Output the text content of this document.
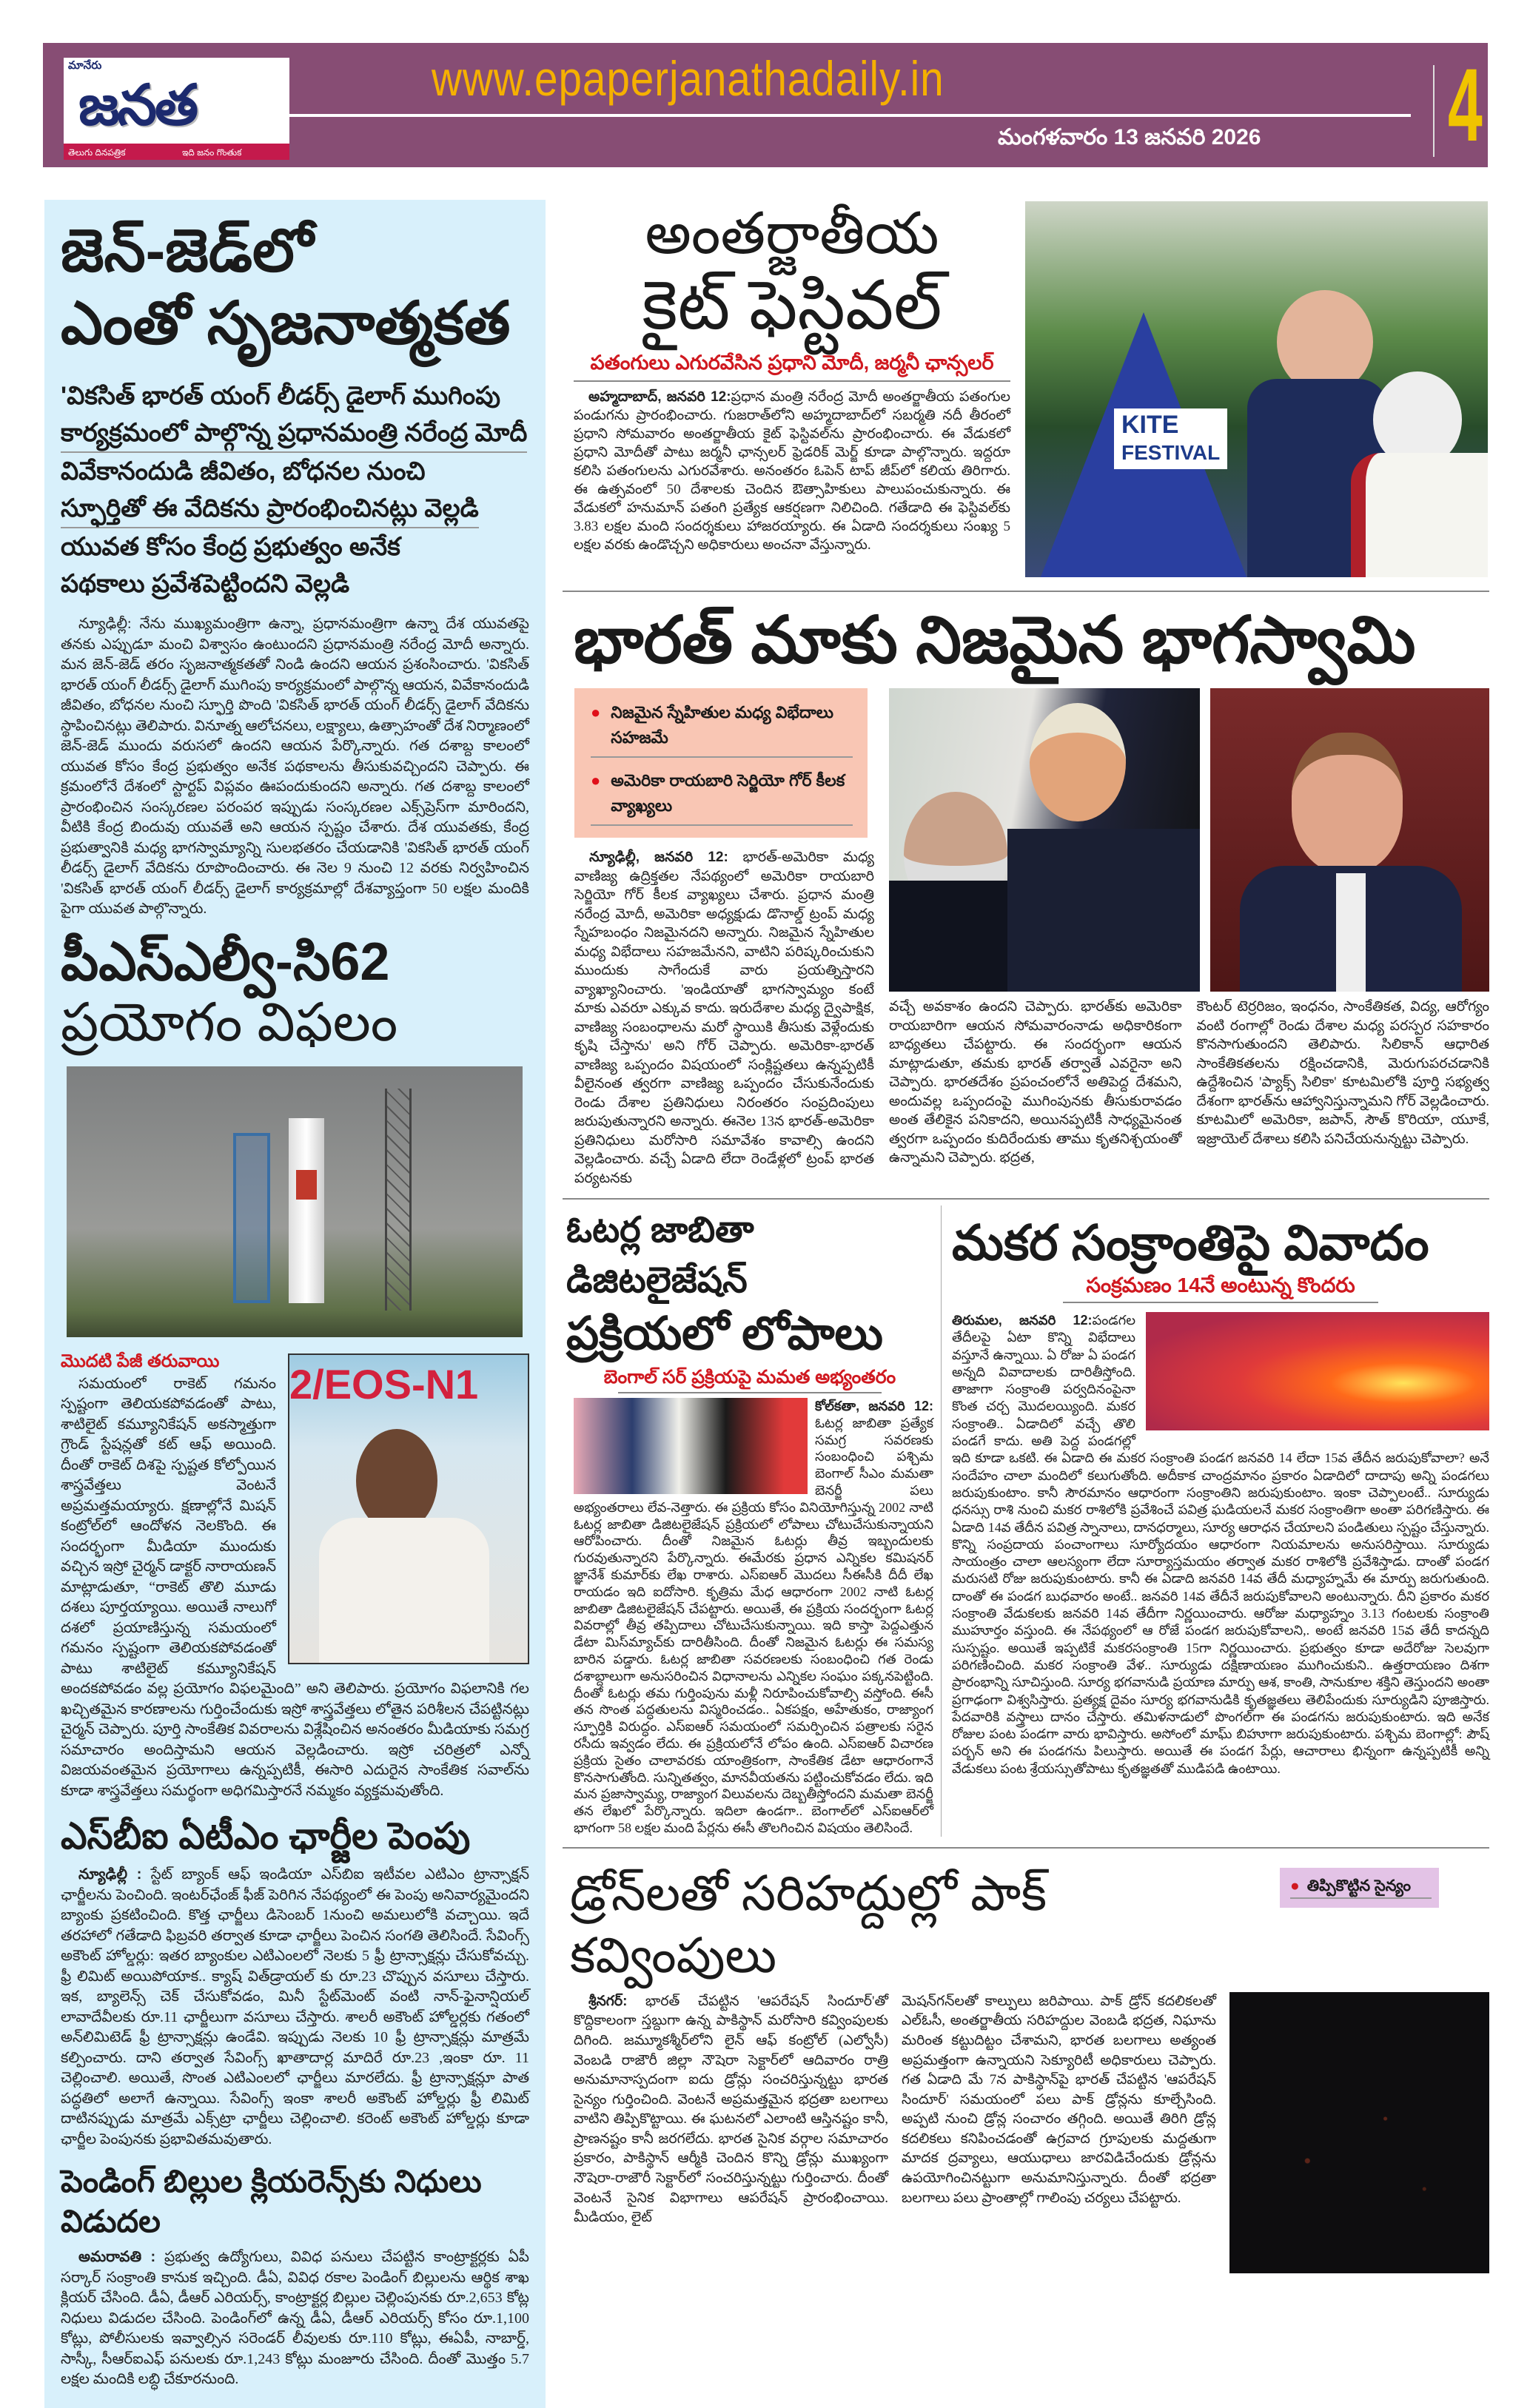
మానేరు
జనత
తెలుగు దినపత్రిక	ఇది జనం గొంతుక
www.epaperjanathadaily.in
మంగళవారం 13 జనవరి 2026 4
జెన్-జెడ్‌లో
ఎంతో సృజనాత్మకత
'వికసిత్ భారత్ యంగ్ లీడర్స్ డైలాగ్ ముగింపు
కార్యక్రమంలో పాల్గొన్న ప్రధానమంత్రి నరేంద్ర మోదీ
వివేకానందుడి జీవితం, బోధనల నుంచి
స్ఫూర్తితో ఈ వేదికను ప్రారంభించినట్లు వెల్లడి
యువత కోసం కేంద్ర ప్రభుత్వం అనేక
పథకాలు ప్రవేశపెట్టిందని వెల్లడి

న్యూఢిల్లీ: నేను ముఖ్యమంత్రిగా ఉన్నా, ప్రధానమంత్రిగా ఉన్నా దేశ యువతపై తనకు ఎప్పుడూ మంచి విశ్వాసం ఉంటుందని ప్రధానమంత్రి నరేంద్ర మోదీ అన్నారు. మన జెన్-జెడ్ తరం సృజనాత్మకతతో నిండి ఉందని ఆయన ప్రశంసించారు. 'వికసిత్ భారత్ యంగ్ లీడర్స్ డైలాగ్ ముగింపు కార్యక్రమంలో పాల్గొన్న ఆయన, వివేకానందుడి జీవితం, బోధనల నుంచి స్ఫూర్తి పొంది 'వికసిత్ భారత్ యంగ్ లీడర్స్ డైలాగ్ వేదికను స్థాపించినట్లు తెలిపారు. వినూత్న ఆలోచనలు, లక్ష్యాలు, ఉత్సాహంతో దేశ నిర్మాణంలో జెన్-జెడ్ ముందు వరుసలో ఉందని ఆయన పేర్కొన్నారు. గత దశాబ్ద కాలంలో యువత కోసం కేంద్ర ప్రభుత్వం అనేక పథకాలను తీసుకువచ్చిందని చెప్పారు. ఈ క్రమంలోనే దేశంలో స్టార్టప్ విప్లవం ఊపందుకుందని అన్నారు. గత దశాబ్ద కాలంలో ప్రారంభించిన సంస్కరణల పరంపర ఇప్పుడు సంస్కరణల ఎక్స్‌ప్రెస్‌గా మారిందని, వీటికి కేంద్ర బిందువు యువతే అని ఆయన స్పష్టం చేశారు. దేశ యువతకు, కేంద్ర ప్రభుత్వానికి మధ్య భాగస్వామ్యాన్ని సులభతరం చేయడానికి 'వికసిత్ భారత్ యంగ్ లీడర్స్ డైలాగ్ వేదికను రూపొందించారు. ఈ నెల 9 నుంచి 12 వరకు నిర్వహించిన 'వికసిత్ భారత్ యంగ్ లీడర్స్ డైలాగ్ కార్యక్రమాల్లో దేశవ్యాప్తంగా 50 లక్షల మందికి పైగా యువత పాల్గొన్నారు.

పీఎస్ఎల్వీ-సి62
ప్రయోగం విఫలం
2/EOS-N1
మొదటి పేజీ తరువాయి

సమయంలో రాకెట్ గమనం స్పష్టంగా తెలియకపోవడంతో పాటు, శాటిలైట్ కమ్యూనికేషన్ అకస్మాత్తుగా గ్రౌండ్ స్టేషన్లతో కట్ ఆఫ్ అయింది. దీంతో రాకెట్ దిశపై స్పష్టత కోల్పోయిన శాస్త్రవేత్తలు వెంటనే అప్రమత్తమయ్యారు. క్షణాల్లోనే మిషన్ కంట్రోల్‌లో ఆందోళన నెలకొంది. ఈ సందర్భంగా మీడియా ముందుకు వచ్చిన ఇస్రో చైర్మన్ డాక్టర్ నారాయణన్ మాట్లాడుతూ, “రాకెట్ తొలి మూడు దశలు పూర్తయ్యాయి. అయితే నాలుగో దశలో ప్రయాణిస్తున్న సమయంలో గమనం స్పష్టంగా తెలియకపోవడంతో పాటు శాటిలైట్ కమ్యూనికేషన్ అందకపోవడం వల్ల ప్రయోగం విఫలమైంది” అని తెలిపారు. ప్రయోగం విఫలానికి గల ఖచ్చితమైన కారణాలను గుర్తించేందుకు ఇస్రో శాస్త్రవేత్తలు లోతైన పరిశీలన చేపట్టినట్లు చైర్మన్ చెప్పారు. పూర్తి సాంకేతిక వివరాలను విశ్లేషించిన అనంతరం మీడియాకు సమగ్ర సమాచారం అందిస్తామని ఆయన వెల్లడించారు. ఇస్రో చరిత్రలో ఎన్నో విజయవంతమైన ప్రయోగాలు ఉన్నప్పటికీ, ఈసారి ఎదురైన సాంకేతిక సవాల్‌ను కూడా శాస్త్రవేత్తలు సమర్థంగా అధిగమిస్తారనే నమ్మకం వ్యక్తమవుతోంది.

ఎస్‌బీఐ ఏటీఎం ఛార్జీల పెంపు

న్యూఢిల్లీ : స్టేట్ బ్యాంక్ ఆఫ్ ఇండియా ఎస్‌బిఐ ఇటీవల ఎటిఎం ట్రాన్సాక్షన్ ఛార్జీలను పెంచింది. ఇంటర్‌ఛేంజ్ ఫీజ్ పెరిగిన నేపథ్యంలో ఈ పెంపు అనివార్యమైందని బ్యాంకు ప్రకటించింది. కొత్త ఛార్జీలు డిసెంబర్ 1నుంచి అమలులోకి వచ్చాయి. ఇదే తరహాలో గతేడాది ఫిబ్రవరి తర్వాత కూడా ఛార్జీలు పెంచిన సంగతి తెలిసిందే. సేవింగ్స్ అకౌంట్ హోల్డర్లు: ఇతర బ్యాంకుల ఎటిఎంలలో నెలకు 5 ఫ్రీ ట్రాన్సాక్షన్లు చేసుకోవచ్చు. ఫ్రీ లిమిట్ అయిపోయాక.. క్యాష్ విత్‌డ్రాయల్ కు రూ.23 చొప్పున వసూలు చేస్తారు. ఇక, బ్యాలెన్స్ చెక్ చేసుకోవడం, మినీ స్టేట్‌మెంట్ వంటి నాన్-ఫైనాన్షియల్ లావాదేవీలకు రూ.11 ఛార్జీలుగా వసూలు చేస్తారు. శాలరీ అకౌంట్ హోల్డర్లకు గతంలో అన్‌లిమిటెడ్ ఫ్రీ ట్రాన్సాక్షన్లు ఉండేవి. ఇప్పుడు నెలకు 10 ఫ్రీ ట్రాన్సాక్షన్లు మాత్రమే కల్పించారు. దాని తర్వాత సేవింగ్స్ ఖాతాదార్ల మాదిరే రూ.23 ,ఇంకా రూ. 11 చెల్లించాలి. అయితే, సొంత ఎటిఎంలలో ఛార్జీలు మారలేదు. ఫ్రీ ట్రాన్సాక్షన్లూ పాత పద్ధతిలో అలాగే ఉన్నాయి. సేవింగ్స్ ఇంకా శాలరీ అకౌంట్ హోల్డర్లు ఫ్రీ లిమిట్ దాటినప్పుడు మాత్రమే ఎక్స్‌ట్రా ఛార్జీలు చెల్లించాలి. కరెంట్ అకౌంట్ హోల్డర్లు కూడా ఛార్జీల పెంపునకు ప్రభావితమవుతారు.

పెండింగ్ బిల్లుల క్లియరెన్స్‌కు నిధులు విడుదల

అమరావతి : ప్రభుత్వ ఉద్యోగులు, వివిధ పనులు చేపట్టిన కాంట్రాక్టర్లకు ఏపీ సర్కార్ సంక్రాంతి కానుక ఇచ్చింది. డీఏ, వివిధ రకాల పెండింగ్ బిల్లులను ఆర్థిక శాఖ క్లియర్ చేసింది. డీఏ, డీఆర్ ఎరియర్స్, కాంట్రాక్టర్ల బిల్లుల చెల్లింపునకు రూ.2,653 కోట్ల నిధులు విడుదల చేసింది. పెండింగ్‌లో ఉన్న డీఏ, డీఆర్ ఎరియర్స్ కోసం రూ.1,100 కోట్లు, పోలీసులకు ఇవ్వాల్సిన సరెండర్ లీవులకు రూ.110 కోట్లు, ఈఏపీ, నాబార్డ్, సాస్కీ, సీఆర్ఐఎఫ్ పనులకు రూ.1,243 కోట్లు మంజూరు చేసింది. దీంతో మొత్తం 5.7 లక్షల మందికి లబ్ధి చేకూరనుంది.

అంతర్జాతీయ
కైట్ ఫెస్టివల్
పతంగులు ఎగురవేసిన ప్రధాని మోదీ, జర్మనీ ఛాన్సలర్

అహ్మదాబాద్, జనవరి 12:ప్రధాన మంత్రి నరేంద్ర మోదీ అంతర్జాతీయ పతంగుల పండుగను ప్రారంభించారు. గుజరాత్‌లోని అహ్మదాబాద్‌లో సబర్మతి నదీ తీరంలో ప్రధాని సోమవారం అంతర్జాతీయ కైట్ ఫెస్టివల్‌ను ప్రారంభించారు. ఈ వేడుకలో ప్రధాని మోదీతో పాటు జర్మనీ ఛాన్సలర్ ఫ్రెడరిక్ మెర్జ్ కూడా పాల్గొన్నారు. ఇద్దరూ కలిసి పతంగులను ఎగురవేశారు. అనంతరం ఓపెన్ టాప్ జీప్‌లో కలియ తిరిగారు. ఈ ఉత్సవంలో 50 దేశాలకు చెందిన ఔత్సాహికులు పాలుపంచుకున్నారు. ఈ వేడుకలో హనుమాన్ పతంగి ప్రత్యేక ఆకర్షణగా నిలిచింది. గతేడాది ఈ ఫెస్టివల్‌కు 3.83 లక్షల మంది సందర్శకులు హాజరయ్యారు. ఈ ఏడాది సందర్శకులు సంఖ్య 5 లక్షల వరకు ఉండొచ్చని అధికారులు అంచనా వేస్తున్నారు.

KITE
FESTIVAL
భారత్ మాకు నిజమైన భాగస్వామి
● నిజమైన స్నేహితుల మధ్య విభేదాలు సహజమే
● అమెరికా రాయబారి సెర్జియో గోర్ కీలక వ్యాఖ్యలు

న్యూఢిల్లీ, జనవరి 12: భారత్-అమెరికా మధ్య వాణిజ్య ఉద్రిక్తతల నేపథ్యంలో అమెరికా రాయబారి సెర్జియో గోర్ కీలక వ్యాఖ్యలు చేశారు. ప్రధాన మంత్రి నరేంద్ర మోదీ, అమెరికా అధ్యక్షుడు డొనాల్డ్ ట్రంప్ మధ్య స్నేహబంధం నిజమైనదని అన్నారు. నిజమైన స్నేహితుల మధ్య విభేదాలు సహజమేనని, వాటిని పరిష్కరించుకుని ముందుకు సాగేందుకే వారు ప్రయత్నిస్తారని వ్యాఖ్యానించారు. 'ఇండియాతో భాగస్వామ్యం కంటే మాకు ఎవరూ ఎక్కువ కాదు. ఇరుదేశాల మధ్య ద్వైపాక్షిక, వాణిజ్య సంబంధాలను మరో స్థాయికి తీసుకు వెళ్లేందుకు కృషి చేస్తాను' అని గోర్ చెప్పారు. అమెరికా-భారత్ వాణిజ్య ఒప్పందం విషయంలో సంక్లిష్టతలు ఉన్నప్పటికీ వీలైనంత త్వరగా వాణిజ్య ఒప్పందం చేసుకునేందుకు రెండు దేశాల ప్రతినిధులు నిరంతరం సంప్రదింపులు జరుపుతున్నారని అన్నారు. ఈనెల 13న భారత్-అమెరికా ప్రతినిధులు మరోసారి సమావేశం కావాల్సి ఉందని వెల్లడించారు. వచ్చే ఏడాది లేదా రెండేళ్లలో ట్రంప్ భారత పర్యటనకు

వచ్చే అవకాశం ఉందని చెప్పారు. భారత్‌కు అమెరికా రాయబారిగా ఆయన సోమవారంనాడు అధికారికంగా బాధ్యతలు చేపట్టారు. ఈ సందర్భంగా ఆయన మాట్లాడుతూ, తమకు భారత్ తర్వాతే ఎవరైనా అని చెప్పారు. భారతదేశం ప్రపంచంలోనే అతిపెద్ద దేశమని, అందువల్ల ఒప్పందంపై ముగింపునకు తీసుకురావడం అంత తేలికైన పనికాదని, అయినప్పటికీ సాధ్యమైనంత త్వరగా ఒప్పందం కుదిరేందుకు తాము కృతనిశ్చయంతో ఉన్నామని చెప్పారు. భద్రత,

కౌంటర్ టెర్రరిజం, ఇంధనం, సాంకేతికత, విద్య, ఆరోగ్యం వంటి రంగాల్లో రెండు దేశాల మధ్య పరస్పర సహకారం కొనసాగుతుందని తెలిపారు. సిలికాన్ ఆధారిత సాంకేతికతలను రక్షించడానికి, మెరుగుపరచడానికి ఉద్దేశించిన 'ప్యాక్స్ సిలికా' కూటమిలోకి పూర్తి సభ్యత్వ దేశంగా భారత్‌ను ఆహ్వానిస్తున్నామని గోర్ వెల్లడించారు. కూటమిలో అమెరికా, జపాన్, సౌత్ కొరియా, యూకే, ఇజ్రాయెల్ దేశాలు కలిసి పనిచేయనున్నట్టు చెప్పారు.

ఓటర్ల జాబితా డిజిటలైజేషన్
ప్రక్రియలో లోపాలు
బెంగాల్ సర్ ప్రక్రియపై మమత అభ్యంతరం

కోల్‌కతా, జనవరి 12: ఓటర్ల జాబితా ప్రత్యేక సమగ్ర సవరణకు సంబంధించి పశ్చిమ బెంగాల్ సీఎం మమతా బెనర్జీ పలు అభ్యంతరాలు లేవ-నెత్తారు. ఈ ప్రక్రియ కోసం వినియోగిస్తున్న 2002 నాటి ఓటర్ల జాబితా డిజిటలైజేషన్ ప్రక్రియలో లోపాలు చోటుచేసుకున్నాయని ఆరోపించారు. దీంతో నిజమైన ఓటర్లు తీవ్ర ఇబ్బందులకు గురవుతున్నారని పేర్కొన్నారు. ఈమేరకు ప్రధాన ఎన్నికల కమిషనర్ జ్ఞానేశ్ కుమార్‌కు లేఖ రాశారు. ఎస్ఐఆర్ మొదలు సీఈసీకి దీదీ లేఖ రాయడం ఇది ఐదోసారి. కృత్రిమ మేధ ఆధారంగా 2002 నాటి ఓటర్ల జాబితా డిజిటలైజేషన్ చేపట్టారు. అయితే, ఈ ప్రక్రియ సందర్భంగా ఓటర్ల వివరాల్లో తీవ్ర తప్పిదాలు చోటుచేసుకున్నాయి. ఇది కాస్తా పెద్దఎత్తున డేటా మిస్‌మ్యాచ్‌కు దారితీసింది. దీంతో నిజమైన ఓటర్లు ఈ సమస్య బారిన పడ్డారు. ఓటర్ల జాబితా సవరణలకు సంబంధించి గత రెండు దశాబ్దాలుగా అనుసరించిన విధానాలను ఎన్నికల సంఘం పక్కనపెట్టింది. దీంతో ఓటర్లు తమ గుర్తింపును మళ్లీ నిరూపించుకోవాల్సి వస్తోంది. ఈసీ తన సొంత పద్ధతులను విస్మరించడం.. ఏకపక్షం, అహేతుకం, రాజ్యాంగ స్ఫూర్తికి విరుద్ధం. ఎస్ఐఆర్ సమయంలో సమర్పించిన పత్రాలకు సరైన రసీదు ఇవ్వడం లేదు. ఈ ప్రక్రియలోనే లోపం ఉంది. ఎస్ఐఆర్ విచారణ ప్రక్రియ సైతం చాలావరకు యాంత్రికంగా, సాంకేతిక డేటా ఆధారంగానే కొనసాగుతోంది. సున్నితత్వం, మానవీయతను పట్టించుకోవడం లేదు. ఇది మన ప్రజాస్వామ్య, రాజ్యాంగ విలువలను దెబ్బతీస్తోందని మమతా బెనర్జీ తన లేఖలో పేర్కొన్నారు. ఇదిలా ఉండగా.. బెంగాల్‌లో ఎస్ఐఆర్‌లో భాగంగా 58 లక్షల మంది పేర్లను ఈసీ తొలగించిన విషయం తెలిసిందే.

మకర సంక్రాంతిపై వివాదం
సంక్రమణం 14నే అంటున్న కొందరు

తిరుమల, జనవరి 12:పండగల తేదీలపై ఏటా కొన్ని విభేదాలు వస్తూనే ఉన్నాయి. ఏ రోజు ఏ పండగ అన్నది వివాదాలకు దారితీస్తోంది. తాజాగా సంక్రాంతి పర్వదినంపైనా కొంత చర్చ మొదలయ్యింది. మకర సంక్రాంతి.. ఏడాదిలో వచ్చే తొలి పండగే కాదు. అతి పెద్ద పండగల్లో ఇది కూడా ఒకటి. ఈ ఏడాది ఈ మకర సంక్రాంతి పండగ జనవరి 14 లేదా 15వ తేదీన జరుపుకోవాలా? అనే సందేహం చాలా మందిలో కలుగుతోంది. అదీకాక చాంద్రమానం ప్రకారం ఏడాదిలో దాదాపు అన్ని పండగలు జరుపుకుంటాం. కానీ సౌరమానం ఆధారంగా సంక్రాంతిని జరుపుకుంటాం. ఇంకా చెప్పాలంటే.. సూర్యుడు ధనస్సు రాశి నుంచి మకర రాశిలోకి ప్రవేశించే పవిత్ర ఘడియలనే మకర సంక్రాంతిగా అంతా పరిగణిస్తారు. ఈ ఏడాది 14వ తేదీన పవిత్ర స్నానాలు, దానధర్మాలు, సూర్య ఆరాధన చేయాలని పండితులు స్పష్టం చేస్తున్నారు. కొన్ని సంప్రదాయ పంచాంగాలు సూర్యోదయం ఆధారంగా నియమాలను అనుసరిస్తాయి. సూర్యుడు సాయంత్రం చాలా ఆలస్యంగా లేదా సూర్యాస్తమయం తర్వాత మకర రాశిలోకి ప్రవేశిస్తాడు. దాంతో పండగ మరుసటి రోజు జరుపుకుంటారు. కానీ ఈ ఏడాది జనవరి 14వ తేదీ మధ్యాహ్నమే ఈ మార్పు జరుగుతుంది. దాంతో ఈ పండగ బుధవారం అంటే.. జనవరి 14వ తేదీనే జరుపుకోవాలని అంటున్నారు. దీని ప్రకారం మకర సంక్రాంతి వేడుకలకు జనవరి 14వ తేదీగా నిర్ణయించారు. ఆరోజు మధ్యాహ్నం 3.13 గంటలకు సంక్రాంతి ముహూర్తం వస్తుంది. ఈ నేపథ్యంలో ఆ రోజే పండగ జరుపుకోవాలని,. అంటే జనవరి 15వ తేదీ కాదన్నది సుస్పష్టం. అయితే ఇప్పటికే మకరసంక్రాంతి 15గా నిర్ణయించారు. ప్రభుత్వం కూడా అదేరోజు సెలవుగా పరిగణించింది. మకర సంక్రాంతి వేళ.. సూర్యుడు దక్షిణాయణం ముగించుకుని.. ఉత్తరాయణం దిశగా ప్రారంభాన్ని సూచిస్తుంది. సూర్య భగవానుడి ప్రయాణ మార్పు ఆశ, కాంతి, సానుకూల శక్తిని తెస్తుందని అంతా ప్రగాఢంగా విశ్వసిస్తారు. ప్రత్యక్ష దైవం సూర్య భగవానుడికి కృతజ్ఞతలు తెలిపేందుకు సూర్యుడిని పూజిస్తారు. పేదవారికి వస్త్రాలు దానం చేస్తారు. తమిళనాడులో పొంగల్‌గా ఈ పండగను జరుపుకుంటారు. ఇది అనేక రోజుల పంట పండగా వారు భావిస్తారు. అసోంలో మాఘ్ బిహూగా జరుపుకుంటారు. పశ్చిమ బెంగాల్లో: పౌష్ పర్బన్ అని ఈ పండగను పిలుస్తారు. అయితే ఈ పండగ పేర్లు, ఆచారాలు భిన్నంగా ఉన్నప్పటికీ అన్ని వేడుకలు పంట శ్రేయస్సుతోపాటు కృతజ్ఞతతో ముడిపడి ఉంటాయి.

డ్రోన్‌లతో సరిహద్దుల్లో పాక్ కవ్వింపులు
● తిప్పికొట్టిన సైన్యం

శ్రీనగర్: భారత్ చేపట్టిన 'ఆపరేషన్ సిందూర్'తో కొద్దికాలంగా స్తబ్దుగా ఉన్న పాకిస్థాన్ మరోసారి కవ్వింపులకు దిగింది. జమ్మూకశ్మీర్‌లోని లైన్ ఆఫ్ కంట్రోల్ (ఎల్వోసీ) వెంబడి రాజౌరీ జిల్లా నౌషెరా సెక్టార్‌లో ఆదివారం రాత్రి అనుమానాస్పదంగా ఐదు డ్రోన్లు సంచరిస్తున్నట్టు భారత సైన్యం గుర్తించింది. వెంటనే అప్రమత్తమైన భద్రతా బలగాలు వాటిని తిప్పికొట్టాయి. ఈ ఘటనలో ఎలాంటి ఆస్తినష్టం కానీ, ప్రాణనష్టం కానీ జరగలేదు. భారత సైనిక వర్గాల సమాచారం ప్రకారం, పాకిస్థాన్ ఆర్మీకి చెందిన కొన్ని డ్రోన్లు ముఖ్యంగా నౌషెరా-రాజౌరీ సెక్టార్‌లో సంచరిస్తున్నట్టు గుర్తించారు. దీంతో వెంటనే సైనిక విభాగాలు ఆపరేషన్ ప్రారంభించాయి. మీడియం, లైట్

మెషన్‌గన్‌లతో కాల్పులు జరిపాయి. పాక్ డ్రోన్ కదలికలతో ఎల్ఓసీ, అంతర్జాతీయ సరిహద్దుల వెంబడి భద్రత, నిఘాను మరింత కట్టుదిట్టం చేశామని, భారత బలగాలు అత్యంత అప్రమత్తంగా ఉన్నాయని సెక్యూరిటీ అధికారులు చెప్పారు. గత ఏడాది మే 7న పాకిస్థాన్‌పై భారత్ చేపట్టిన 'ఆపరేషన్ సిందూర్' సమయంలో పలు పాక్ డ్రోన్లను కూల్చేసింది. అప్పటి నుంచి డ్రోన్ల సంచారం తగ్గింది. అయితే తిరిగి డ్రోన్ల కదలికలు కనిపించడంతో ఉగ్రవాద గ్రూపులకు మద్దతుగా మాదక ద్రవ్యాలు, ఆయుధాలు జారవిడిచేందుకు డ్రోన్లను ఉపయోగించినట్టుగా అనుమానిస్తున్నారు. దీంతో భద్రతా బలగాలు పలు ప్రాంతాల్లో గాలింపు చర్యలు చేపట్టారు.
